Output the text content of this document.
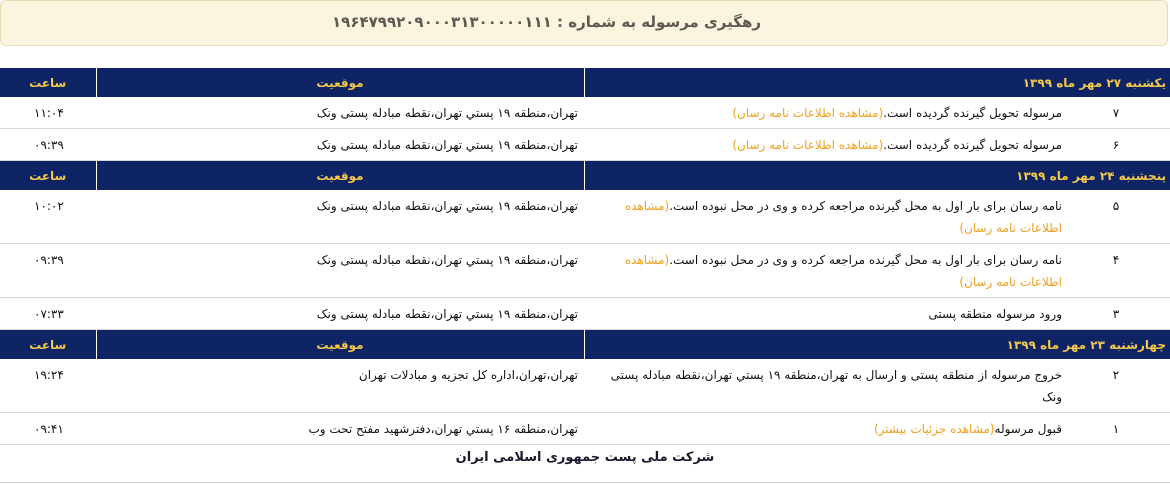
رهگیری مرسوله به شماره : ۱۹۶۴۷۹۹۲۰۹۰۰۰۳۱۳۰۰۰۰۰۱۱۱
یکشنبه ۲۷ مهر ماه ۱۳۹۹		موقعیت	ساعت
۷	مرسوله تحویل گیرنده گردیده است.(مشاهده اطلاعات نامه رسان)	تهران،منطقه ۱۹ پستي تهران،نقطه مبادله پستی ونک	۱۱:۰۴
۶	مرسوله تحویل گیرنده گردیده است.(مشاهده اطلاعات نامه رسان)	تهران،منطقه ۱۹ پستي تهران،نقطه مبادله پستی ونک	۰۹:۳۹
پنجشنبه ۲۴ مهر ماه ۱۳۹۹		موقعیت	ساعت
۵	نامه رسان برای بار اول به محل گیرنده مراجعه کرده و وی در محل نبوده است.(مشاهده اطلاعات نامه رسان)	تهران،منطقه ۱۹ پستي تهران،نقطه مبادله پستی ونک	۱۰:۰۲
۴	نامه رسان برای بار اول به محل گیرنده مراجعه کرده و وی در محل نبوده است.(مشاهده اطلاعات نامه رسان)	تهران،منطقه ۱۹ پستي تهران،نقطه مبادله پستی ونک	۰۹:۳۹
۳	ورود مرسوله منطقه پستی	تهران،منطقه ۱۹ پستي تهران،نقطه مبادله پستی ونک	۰۷:۳۳
چهارشنبه ۲۳ مهر ماه ۱۳۹۹		موقعیت	ساعت
۲	خروج مرسوله از منطقه پستی و ارسال به تهران،منطقه ۱۹ پستي تهران،نقطه مبادله پستی ونک	تهران،تهران،اداره کل تجزیه و مبادلات تهران	۱۹:۲۴
۱	قبول مرسوله(مشاهده جزئیات بیشتر)	تهران،منطقه ۱۶ پستي تهران،دفترشهید مفتح تحت وب	۰۹:۴۱
شرکت ملی پست جمهوری اسلامی ایران
